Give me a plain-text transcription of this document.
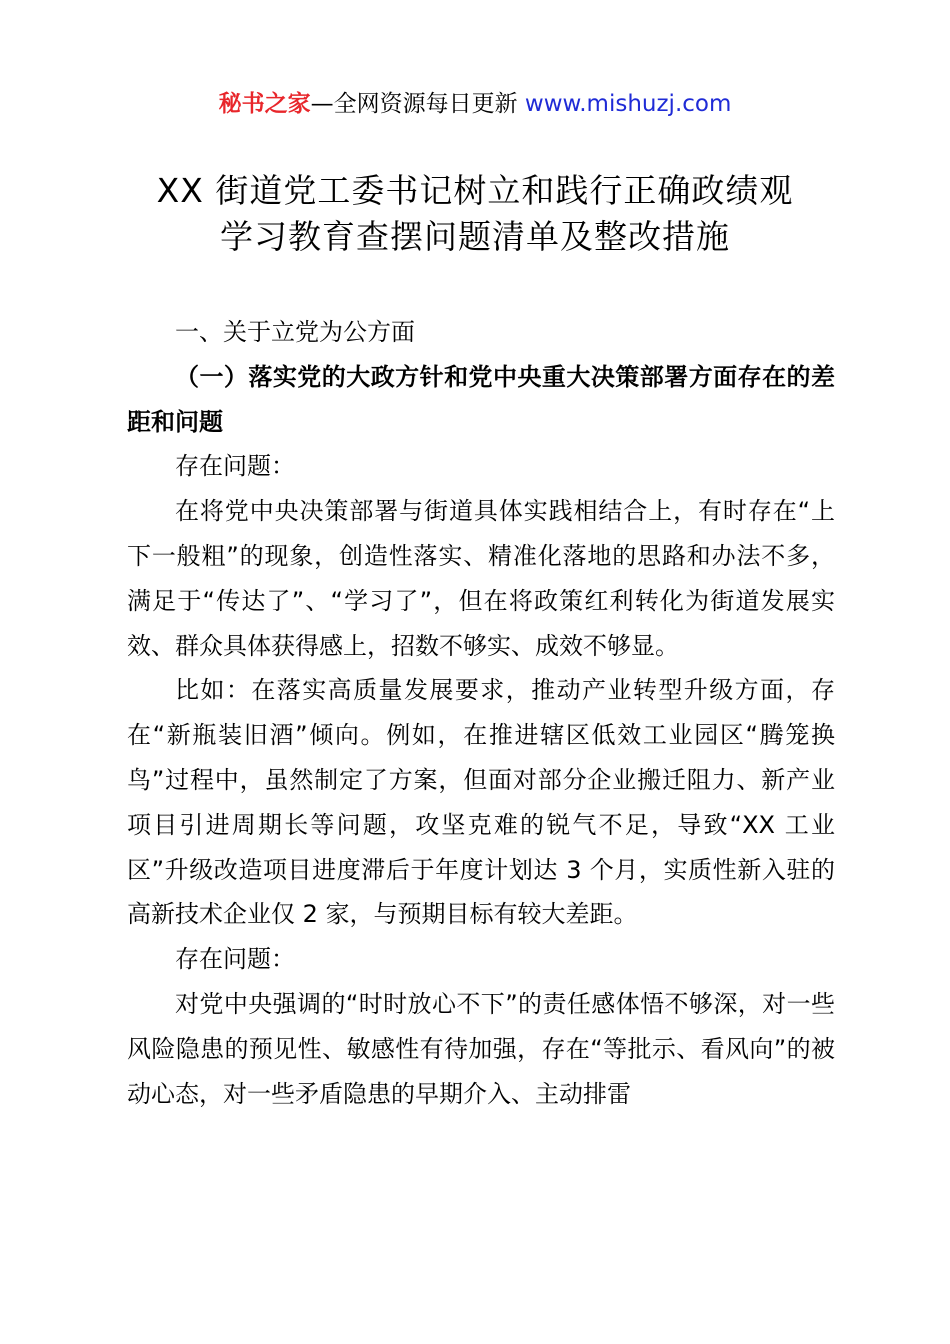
秘书之家—全网资源每日更新 www.mishuzj.com
XX 街道党工委书记树立和践行正确政绩观
学习教育查摆问题清单及整改措施

一、关于立党为公方面

（一）落实党的大政方针和党中央重大决策部署方面存在的差距和问题

存在问题：

在将党中央决策部署与街道具体实践相结合上，有时存在“上下一般粗”的现象，创造性落实、精准化落地的思路和办法不多，满足于“传达了”、“学习了”，但在将政策红利转化为街道发展实效、群众具体获得感上，招数不够实、成效不够显。

比如：在落实高质量发展要求，推动产业转型升级方面，存在“新瓶装旧酒”倾向。例如，在推进辖区低效工业园区“腾笼换鸟”过程中，虽然制定了方案，但面对部分企业搬迁阻力、新产业项目引进周期长等问题，攻坚克难的锐气不足，导致“XX 工业区”升级改造项目进度滞后于年度计划达 3 个月，实质性新入驻的高新技术企业仅 2 家，与预期目标有较大差距。

存在问题：

对党中央强调的“时时放心不下”的责任感体悟不够深，对一些风险隐患的预见性、敏感性有待加强，存在“等批示、看风向”的被动心态，对一些矛盾隐患的早期介入、主动排雷
